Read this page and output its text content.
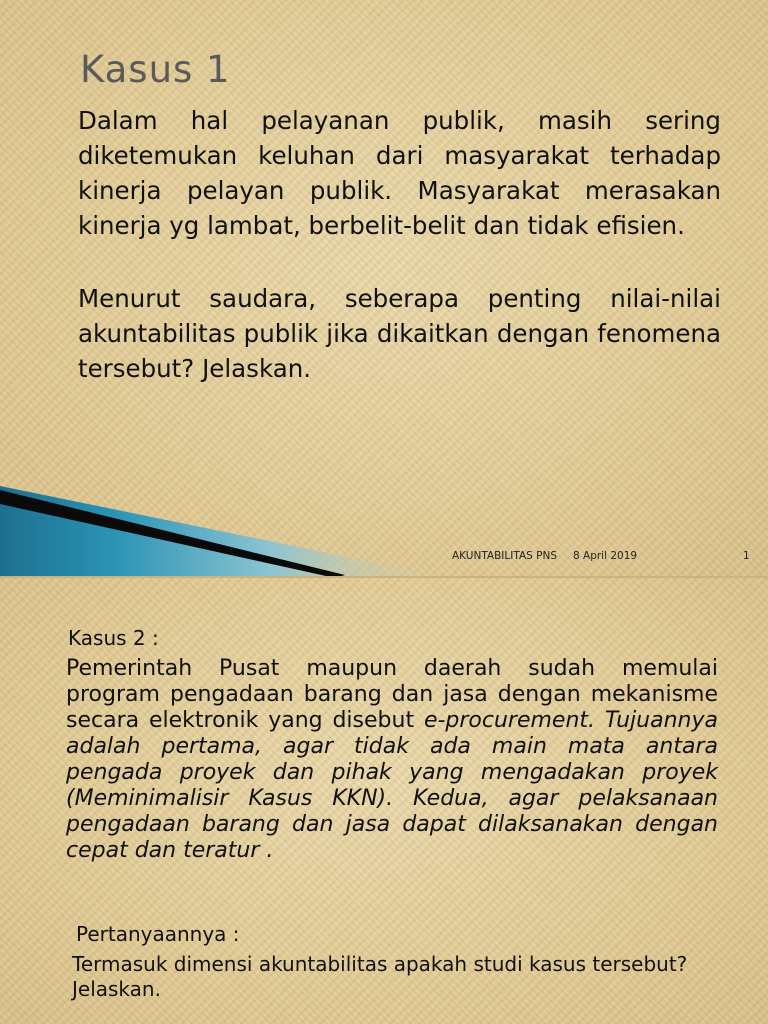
Kasus 1
Dalam hal pelayanan publik, masih sering diketemukan keluhan dari masyarakat terhadap kinerja pelayan publik. Masyarakat merasakan kinerja yg lambat, berbelit-belit dan tidak efisien.
Menurut saudara, seberapa penting nilai-nilai akuntabilitas publik jika dikaitkan dengan fenomena tersebut? Jelaskan.
AKUNTABILITAS PNS 8 April 2019	1
Kasus 2 :
Pemerintah Pusat maupun daerah sudah memulai program pengadaan barang dan jasa dengan mekanisme secara elektronik yang disebut e-procurement. Tujuannya adalah pertama, agar tidak ada main mata antara pengada proyek dan pihak yang mengadakan proyek (Meminimalisir Kasus KKN). Kedua, agar pelaksanaan pengadaan barang dan jasa dapat dilaksanakan dengan cepat dan teratur .
Pertanyaannya :
Termasuk dimensi akuntabilitas apakah studi kasus tersebut? Jelaskan.
